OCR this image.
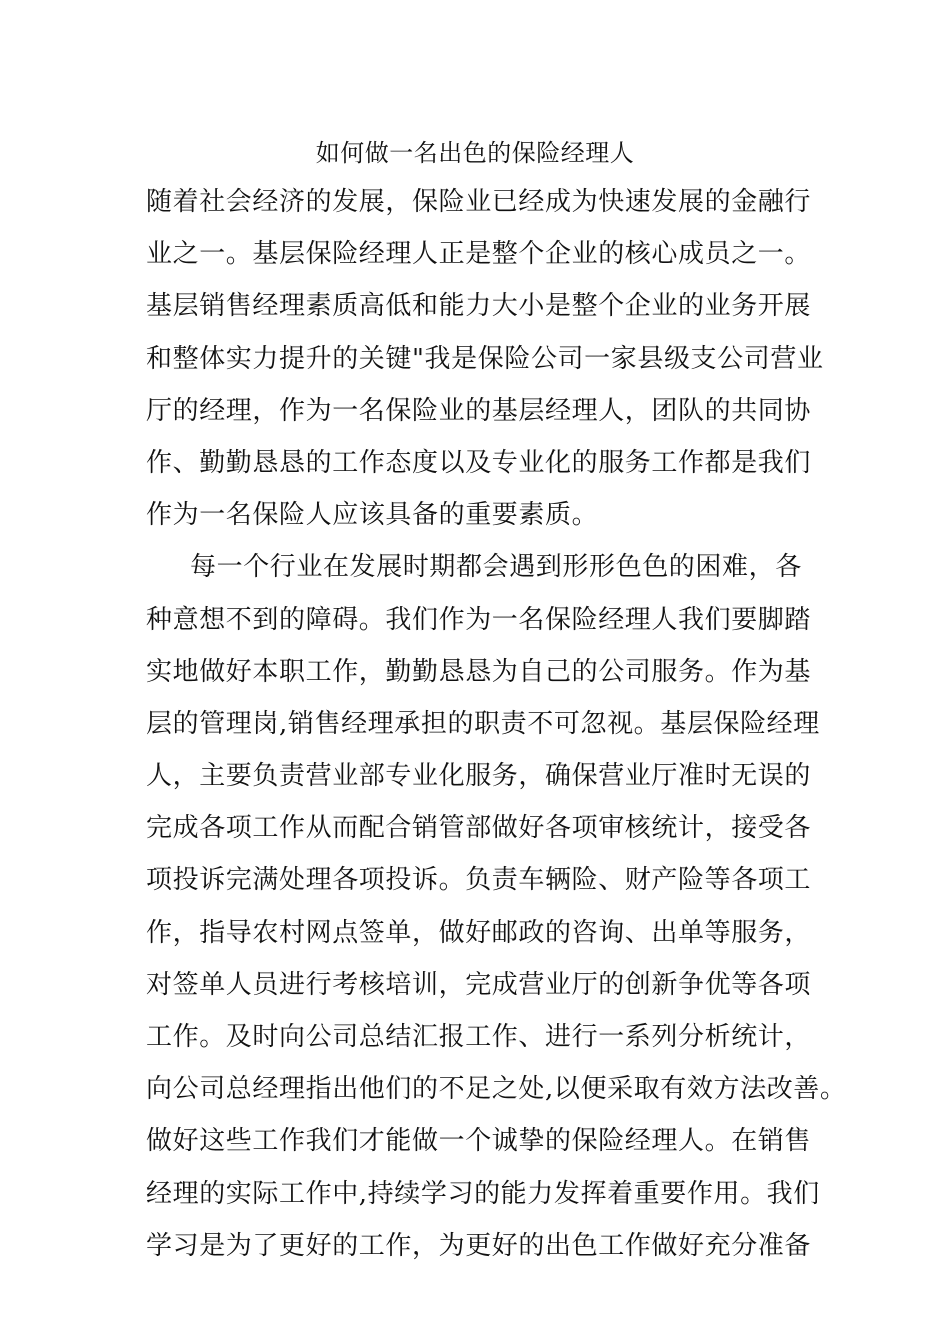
如何做一名出色的保险经理人
随着社会经济的发展，保险业已经成为快速发展的金融行
业之一。基层保险经理人正是整个企业的核心成员之一。
基层销售经理素质高低和能力大小是整个企业的业务开展
和整体实力提升的关键"我是保险公司一家县级支公司营业
厅的经理，作为一名保险业的基层经理人，团队的共同协
作、勤勤恳恳的工作态度以及专业化的服务工作都是我们
作为一名保险人应该具备的重要素质。
每一个行业在发展时期都会遇到形形色色的困难，各
种意想不到的障碍。我们作为一名保险经理人我们要脚踏
实地做好本职工作，勤勤恳恳为自己的公司服务。作为基
层的管理岗,销售经理承担的职责不可忽视。基层保险经理
人，主要负责营业部专业化服务，确保营业厅准时无误的
完成各项工作从而配合销管部做好各项审核统计，接受各
项投诉完满处理各项投诉。负责车辆险、财产险等各项工
作，指导农村网点签单，做好邮政的咨询、出单等服务，
对签单人员进行考核培训，完成营业厅的创新争优等各项
工作。及时向公司总结汇报工作、进行一系列分析统计，
向公司总经理指出他们的不足之处,以便采取有效方法改善。
做好这些工作我们才能做一个诚挚的保险经理人。在销售
经理的实际工作中,持续学习的能力发挥着重要作用。我们
学习是为了更好的工作，为更好的出色工作做好充分准备
